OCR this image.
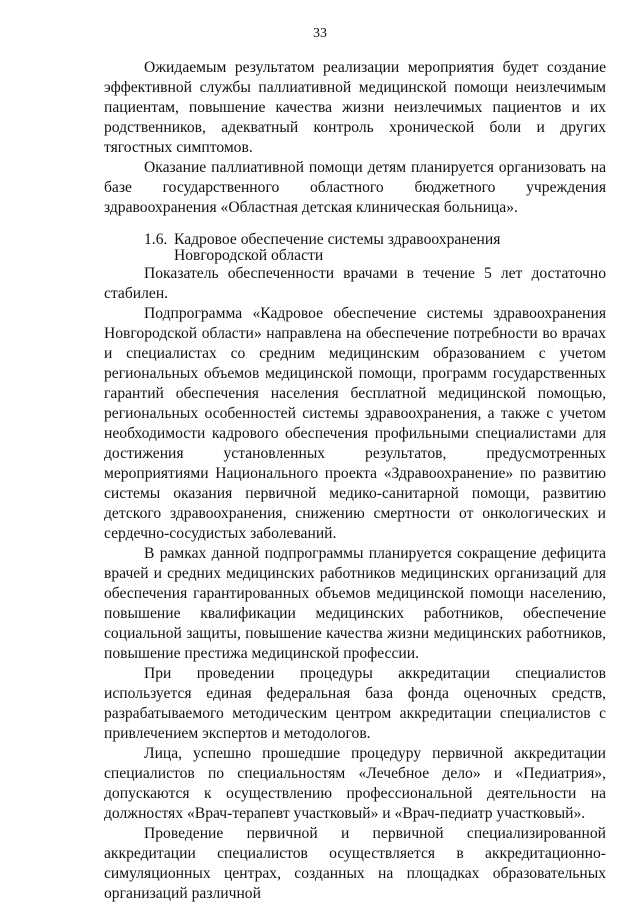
33

Ожидаемым результатом реализации мероприятия будет создание эффективной службы паллиативной медицинской помощи неизлечимым пациентам, повышение качества жизни неизлечимых пациентов и их родственников, адекватный контроль хронической боли и других тягостных симптомов.

Оказание паллиативной помощи детям планируется организовать на базе государственного областного бюджетного учреждения здравоохранения «Областная детская клиническая больница».

1.6. Кадровое обеспечение системы здравоохранения Новгородской области

Показатель обеспеченности врачами в течение 5 лет достаточно стабилен.

Подпрограмма «Кадровое обеспечение системы здравоохранения Новгородской области» направлена на обеспечение потребности во врачах и специалистах со средним медицинским образованием с учетом региональных объемов медицинской помощи, программ государственных гарантий обеспечения населения бесплатной медицинской помощью, региональных особенностей системы здравоохранения, а также с учетом необходимости кадрового обеспечения профильными специалистами для достижения установленных результатов, предусмотренных мероприятиями Национального проекта «Здравоохранение» по развитию системы оказания первичной медико-санитарной помощи, развитию детского здравоохранения, снижению смертности от онкологических и сердечно-сосудистых заболеваний.

В рамках данной подпрограммы планируется сокращение дефицита врачей и средних медицинских работников медицинских организаций для обеспечения гарантированных объемов медицинской помощи населению, повышение квалификации медицинских работников, обеспечение социальной защиты, повышение качества жизни медицинских работников, повышение престижа медицинской профессии.

При проведении процедуры аккредитации специалистов используется единая федеральная база фонда оценочных средств, разрабатываемого методическим центром аккредитации специалистов с привлечением экспертов и методологов.

Лица, успешно прошедшие процедуру первичной аккредитации специалистов по специальностям «Лечебное дело» и «Педиатрия», допускаются к осуществлению профессиональной деятельности на должностях «Врач-терапевт участковый» и «Врач-педиатр участковый».

Проведение первичной и первичной специализированной аккредитации специалистов осуществляется в аккредитационно-симуляционных центрах, созданных на площадках образовательных организаций различной
